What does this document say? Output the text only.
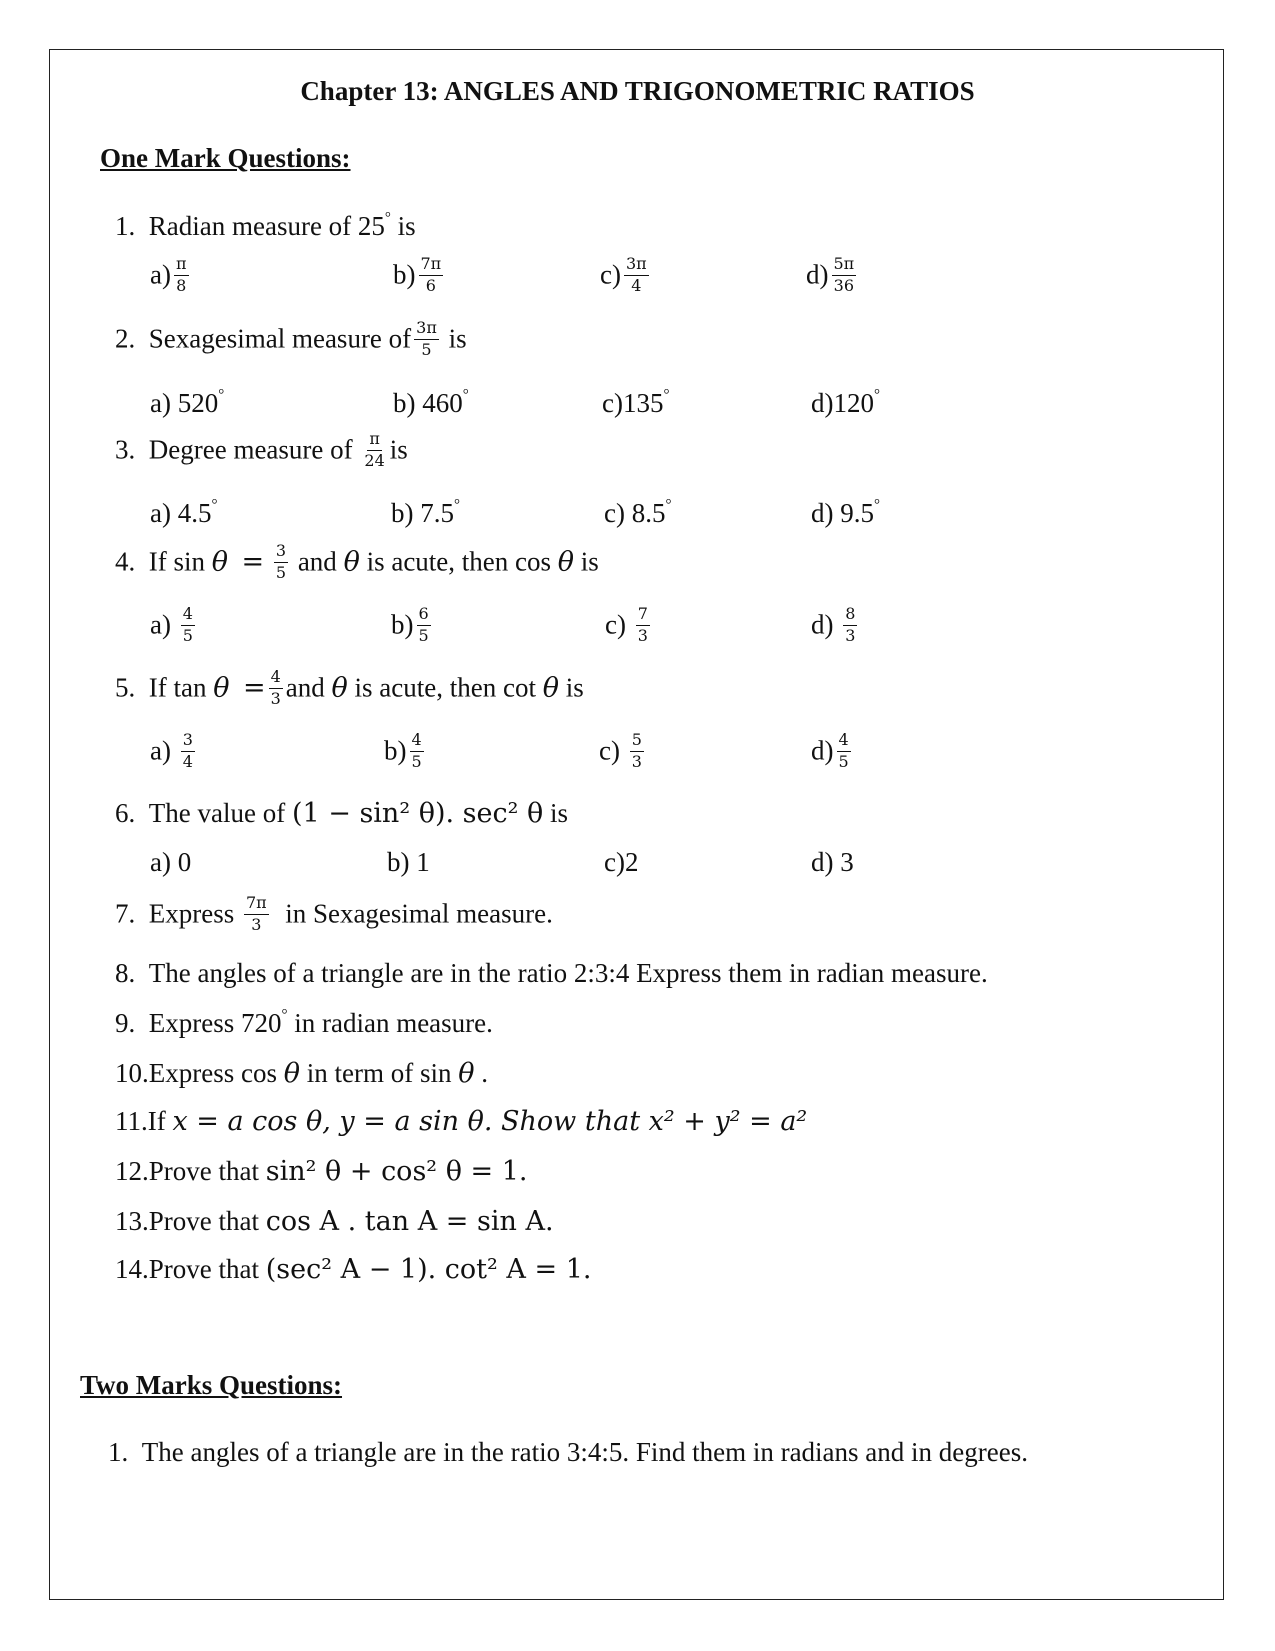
Chapter 13: ANGLES AND TRIGONOMETRIC RATIOS
One Mark Questions:
1. Radian measure of 25° is
$a) \frac{\pi}{8}$	$b) \frac{7\pi}{6}$	$c) \frac{3\pi}{4}$	$d) \frac{5\pi}{36}$
2. Sexagesimal measure of $\frac{3\pi}{5}$ is
a) 520°	b) 460°	c)135°	d)120°
3. Degree measure of $\frac{\pi}{24}$ is
a) 4.5°	b) 7.5°	c) 8.5°	d) 9.5°
4. If $\sin \theta = \frac{3}{5}$ and θ is acute, then cos θ is
$a) \frac{4}{5}$	$b) \frac{6}{5}$	$c) \frac{7}{3}$	$d) \frac{8}{3}$
5. If $\tan \theta = \frac{4}{3}$ and θ is acute, then cot θ is
$a) \frac{3}{4}$	$b) \frac{4}{5}$	$c) \frac{5}{3}$	$d) \frac{4}{5}$
6. The value of (1 − sin² θ). sec² θ is
a) 0	b) 1	c)2	d) 3
7. Express $\frac{7\pi}{3}$ in Sexagesimal measure.
8. The angles of a triangle are in the ratio 2:3:4 Express them in radian measure.
9. Express 720° in radian measure.
10.Express cos θ in term of sin θ .
11.If x = a cos θ, y = a sin θ. Show that x² + y² = a²
12.Prove that sin² θ + cos² θ = 1.
13.Prove that cos A . tan A = sin A.
14.Prove that (sec² A − 1). cot² A = 1.
Two Marks Questions:
1. The angles of a triangle are in the ratio 3:4:5. Find them in radians and in degrees.
